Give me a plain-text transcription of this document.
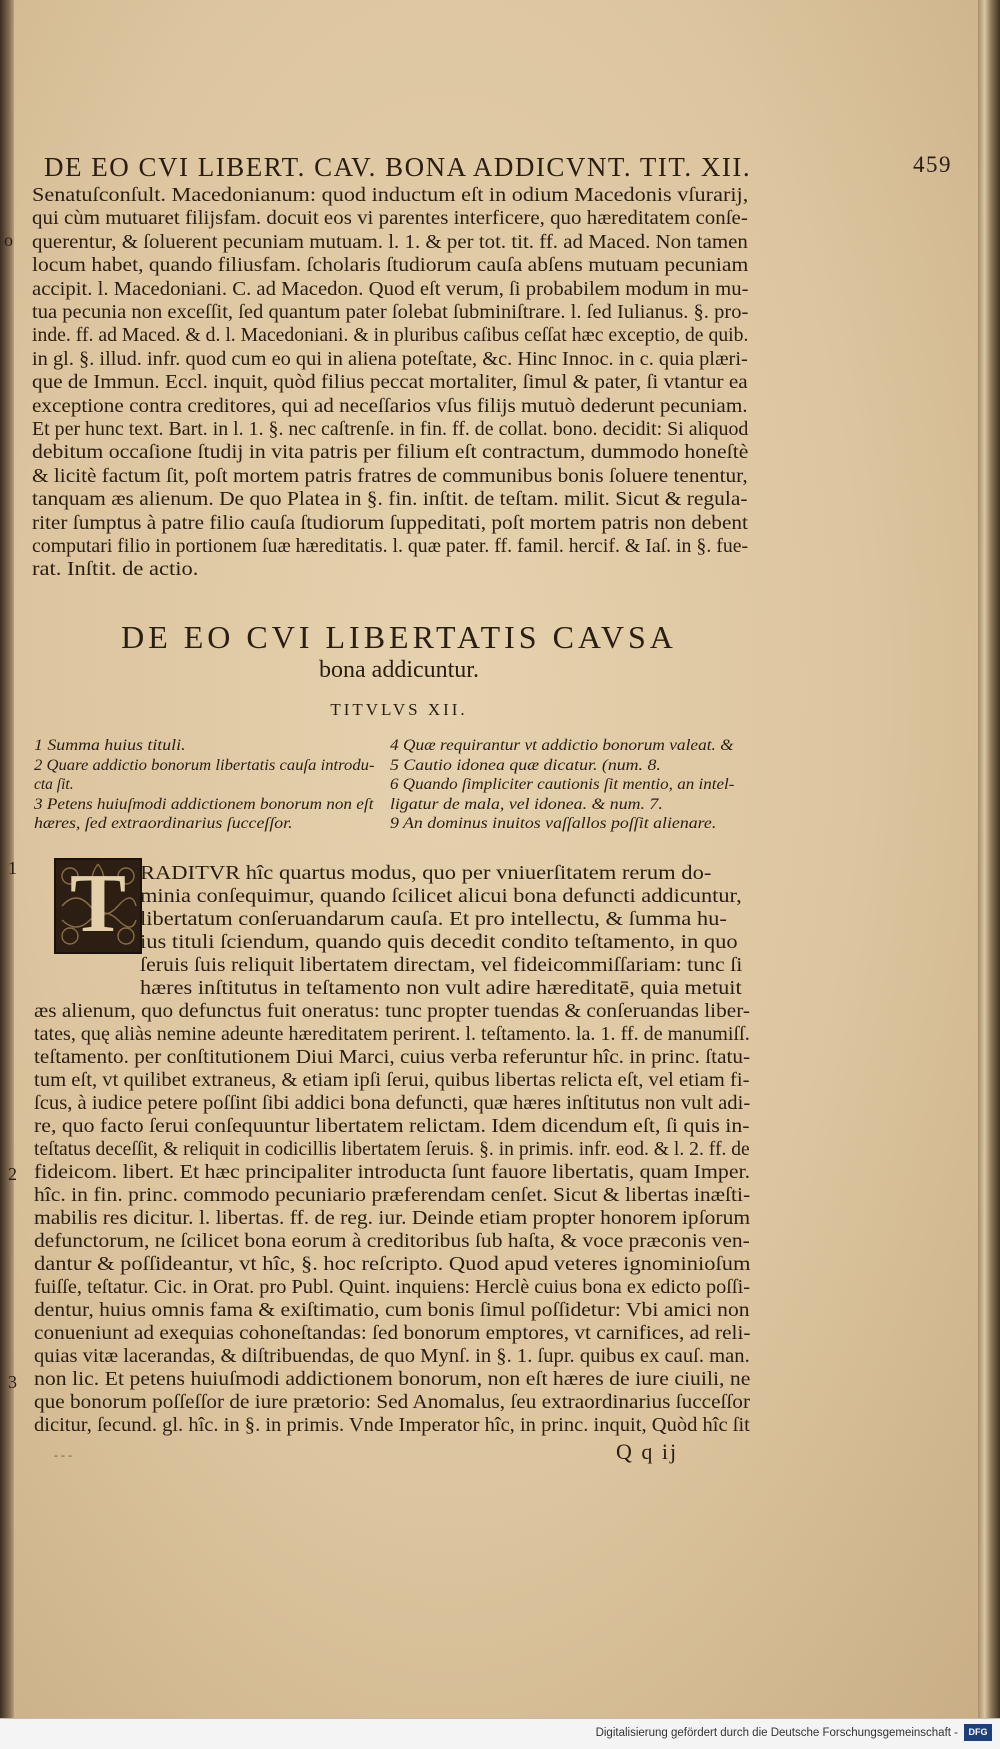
DE EO CVI LIBERT. CAV. BONA ADDICVNT. TIT. XII.	459
Senatuſconſult. Macedonianum: quod inductum eſt in odium Macedonis vſurarij,
qui cùm mutuaret filijsfam. docuit eos vi parentes interficere, quo hæreditatem conſe-
querentur, & ſoluerent pecuniam mutuam. l. 1. & per tot. tit. ff. ad Maced. Non tamen
locum habet, quando filiusfam. ſcholaris ſtudiorum cauſa abſens mutuam pecuniam
accipit. l. Macedoniani. C. ad Macedon. Quod eſt verum, ſi probabilem modum in mu-
tua pecunia non exceſſit, ſed quantum pater ſolebat ſubminiſtrare. l. ſed Iulianus. §. pro-
inde. ff. ad Maced. & d. l. Macedoniani. & in pluribus caſibus ceſſat hæc exceptio, de quib.
in gl. §. illud. infr. quod cum eo qui in aliena poteſtate, &c. Hinc Innoc. in c. quia plæri-
que de Immun. Eccl. inquit, quòd filius peccat mortaliter, ſimul & pater, ſi vtantur ea
exceptione contra creditores, qui ad neceſſarios vſus filijs mutuò dederunt pecuniam.
Et per hunc text. Bart. in l. 1. §. nec caſtrenſe. in fin. ff. de collat. bono. decidit: Si aliquod
debitum occaſione ſtudij in vita patris per filium eſt contractum, dummodo honeſtè
& licitè factum ſit, poſt mortem patris fratres de communibus bonis ſoluere tenentur,
tanquam æs alienum. De quo Platea in §. fin. inſtit. de teſtam. milit. Sicut & regula-
riter ſumptus à patre filio cauſa ſtudiorum ſuppeditati, poſt mortem patris non debent
computari filio in portionem ſuæ hæreditatis. l. quæ pater. ff. famil. hercif. & Iaſ. in §. fue-
rat. Inſtit. de actio.
DE EO CVI LIBERTATIS CAVSA
bona addicuntur.
TITVLVS XII.
1 Summa huius tituli.
2 Quare addictio bonorum libertatis cauſa introdu-
cta ſit.
3 Petens huiuſmodi addictionem bonorum non eſt
hæres, ſed extraordinarius ſucceſſor.
4 Quæ requirantur vt addictio bonorum valeat. &
5 Cautio idonea quæ dicatur. (num. 8.
6 Quando ſimpliciter cautionis ſit mentio, an intel-
ligatur de mala, vel idonea. & num. 7.
9 An dominus inuitos vaſſallos poſſit alienare.
T RADITVR hîc quartus modus, quo per vniuerſitatem rerum do-
minia conſequimur, quando ſcilicet alicui bona defuncti addicuntur,
libertatum conſeruandarum cauſa. Et pro intellectu, & ſumma hu-
ius tituli ſciendum, quando quis decedit condito teſtamento, in quo
ſeruis ſuis reliquit libertatem directam, vel fideicommiſſariam: tunc ſi
hæres inſtitutus in teſtamento non vult adire hæreditatē, quia metuit
æs alienum, quo defunctus fuit oneratus: tunc propter tuendas & conſeruandas liber-
tates, quę aliàs nemine adeunte hæreditatem perirent. l. teſtamento. la. 1. ff. de manumiſſ.
teſtamento. per conſtitutionem Diui Marci, cuius verba referuntur hîc. in princ. ſtatu-
tum eſt, vt quilibet extraneus, & etiam ipſi ſerui, quibus libertas relicta eſt, vel etiam fi-
ſcus, à iudice petere poſſint ſibi addici bona defuncti, quæ hæres inſtitutus non vult adi-
re, quo facto ſerui conſequuntur libertatem relictam. Idem dicendum eſt, ſi quis in-
teſtatus deceſſit, & reliquit in codicillis libertatem ſeruis. §. in primis. infr. eod. & l. 2. ff. de
fideicom. libert. Et hæc principaliter introducta ſunt fauore libertatis, quam Imper.
hîc. in fin. princ. commodo pecuniario præferendam cenſet. Sicut & libertas inæſti-
mabilis res dicitur. l. libertas. ff. de reg. iur. Deinde etiam propter honorem ipſorum
defunctorum, ne ſcilicet bona eorum à creditoribus ſub haſta, & voce præconis ven-
dantur & poſſideantur, vt hîc, §. hoc reſcripto. Quod apud veteres ignominioſum
fuiſſe, teſtatur. Cic. in Orat. pro Publ. Quint. inquiens: Herclè cuius bona ex edicto poſſi-
dentur, huius omnis fama & exiſtimatio, cum bonis ſimul poſſidetur: Vbi amici non
conueniunt ad exequias cohoneſtandas: ſed bonorum emptores, vt carnifices, ad reli-
quias vitæ lacerandas, & diſtribuendas, de quo Mynſ. in §. 1. ſupr. quibus ex cauſ. man.
non lic. Et petens huiuſmodi addictionem bonorum, non eſt hæres de iure ciuili, ne
que bonorum poſſeſſor de iure prætorio: Sed Anomalus, ſeu extraordinarius ſucceſſor
dicitur, ſecund. gl. hîc. in §. in primis. Vnde Imperator hîc, in princ. inquit, Quòd hîc ſit
o
1
2
3
- - -	Q q ij
Digitalisierung gefördert durch die Deutsche Forschungsgemeinschaft -	DFG
